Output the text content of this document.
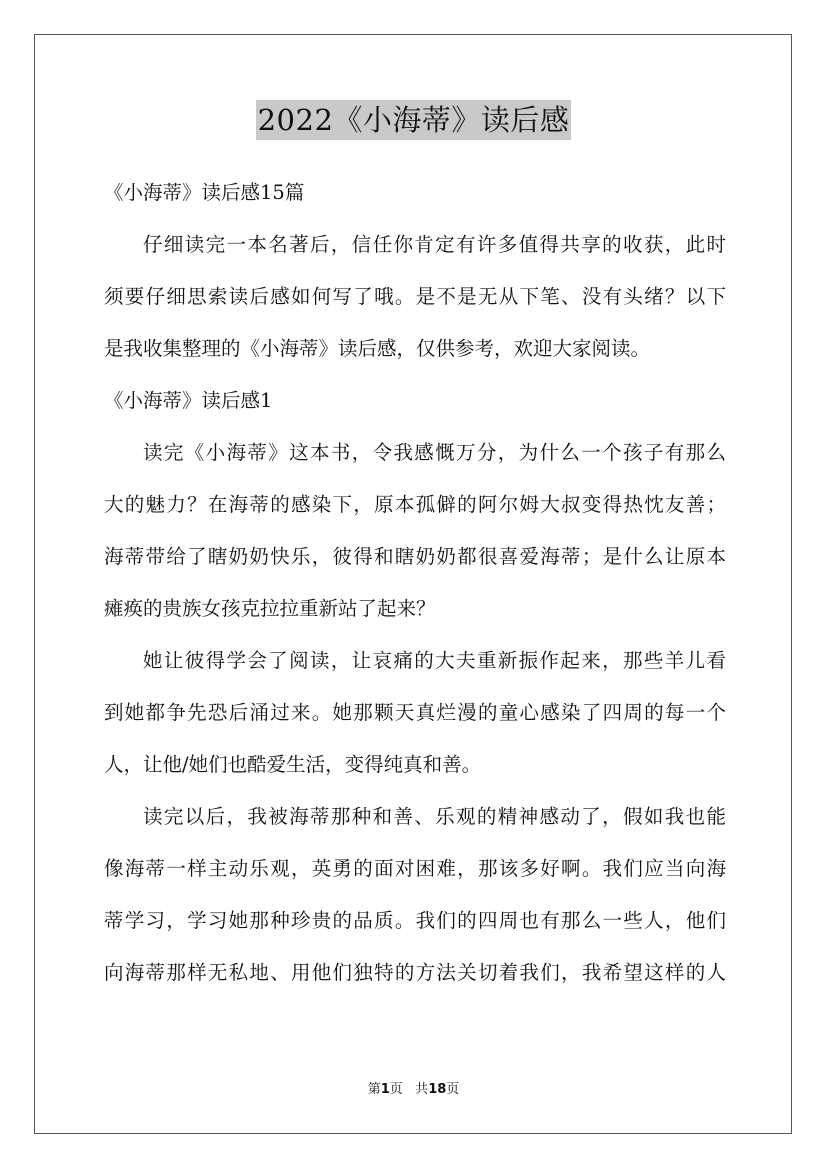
2022《小海蒂》读后感
《小海蒂》读后感15篇
仔细读完一本名著后，信任你肯定有许多值得共享的收获，此时
须要仔细思索读后感如何写了哦。是不是无从下笔、没有头绪？以下
是我收集整理的《小海蒂》读后感，仅供参考，欢迎大家阅读。
《小海蒂》读后感1
读完《小海蒂》这本书，令我感慨万分，为什么一个孩子有那么
大的魅力？在海蒂的感染下，原本孤僻的阿尔姆大叔变得热忱友善；
海蒂带给了瞎奶奶快乐，彼得和瞎奶奶都很喜爱海蒂；是什么让原本
瘫痪的贵族女孩克拉拉重新站了起来？
她让彼得学会了阅读，让哀痛的大夫重新振作起来，那些羊儿看
到她都争先恐后涌过来。她那颗天真烂漫的童心感染了四周的每一个
人，让他/她们也酷爱生活，变得纯真和善。
读完以后，我被海蒂那种和善、乐观的精神感动了，假如我也能
像海蒂一样主动乐观，英勇的面对困难，那该多好啊。我们应当向海
蒂学习，学习她那种珍贵的品质。我们的四周也有那么一些人，他们
向海蒂那样无私地、用他们独特的方法关切着我们，我希望这样的人
第1页 共18页
